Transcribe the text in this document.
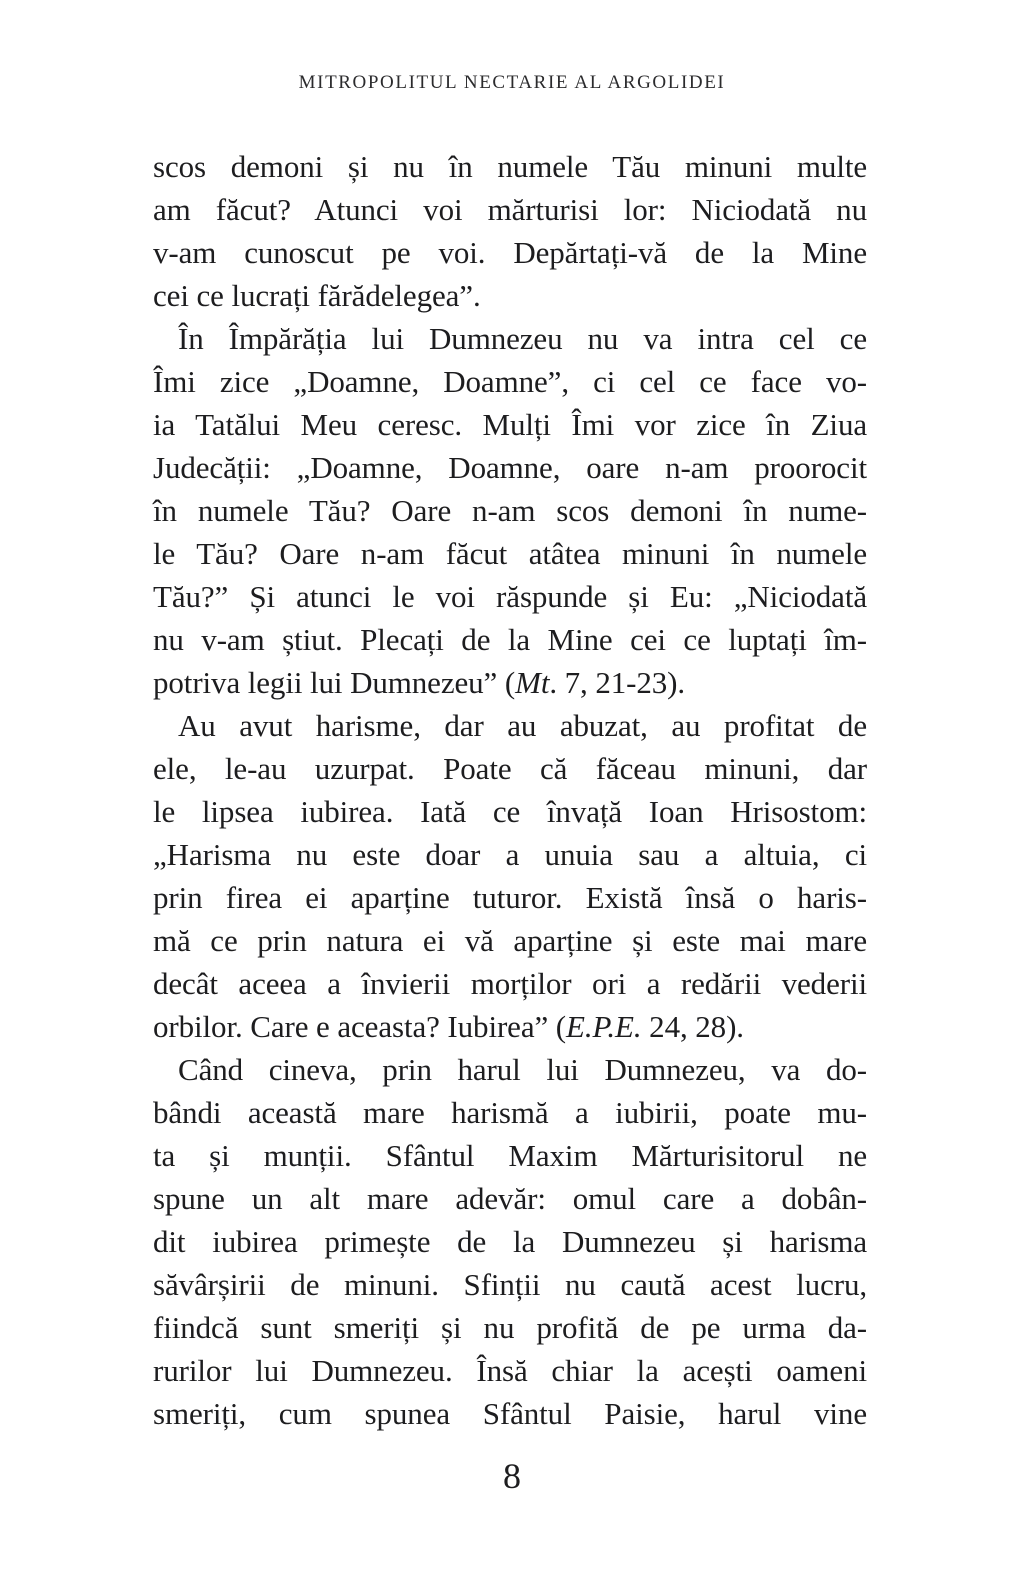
MITROPOLITUL NECTARIE AL ARGOLIDEI
scos demoni și nu în numele Tău minuni multe
am făcut? Atunci voi mărturisi lor: Niciodată nu
v-am cunoscut pe voi. Depărtați-vă de la Mine
cei ce lucrați fărădelegea”.
În Împărăția lui Dumnezeu nu va intra cel ce
Îmi zice „Doamne, Doamne”, ci cel ce face vo-
ia Tatălui Meu ceresc. Mulți Îmi vor zice în Ziua
Judecății: „Doamne, Doamne, oare n-am proorocit
în numele Tău? Oare n-am scos demoni în nume-
le Tău? Oare n-am făcut atâtea minuni în numele
Tău?” Și atunci le voi răspunde și Eu: „Niciodată
nu v-am știut. Plecați de la Mine cei ce luptați îm-
potriva legii lui Dumnezeu” (Mt. 7, 21-23).
Au avut harisme, dar au abuzat, au profitat de
ele, le-au uzurpat. Poate că făceau minuni, dar
le lipsea iubirea. Iată ce învață Ioan Hrisostom:
„Harisma nu este doar a unuia sau a altuia, ci
prin firea ei aparține tuturor. Există însă o haris-
mă ce prin natura ei vă aparține și este mai mare
decât aceea a învierii morților ori a redării vederii
orbilor. Care e aceasta? Iubirea” (E.P.E. 24, 28).
Când cineva, prin harul lui Dumnezeu, va do-
bândi această mare harismă a iubirii, poate mu-
ta și munții. Sfântul Maxim Mărturisitorul ne
spune un alt mare adevăr: omul care a dobân-
dit iubirea primește de la Dumnezeu și harisma
săvârșirii de minuni. Sfinții nu caută acest lucru,
fiindcă sunt smeriți și nu profită de pe urma da-
rurilor lui Dumnezeu. Însă chiar la acești oameni
smeriți, cum spunea Sfântul Paisie, harul vine
8
